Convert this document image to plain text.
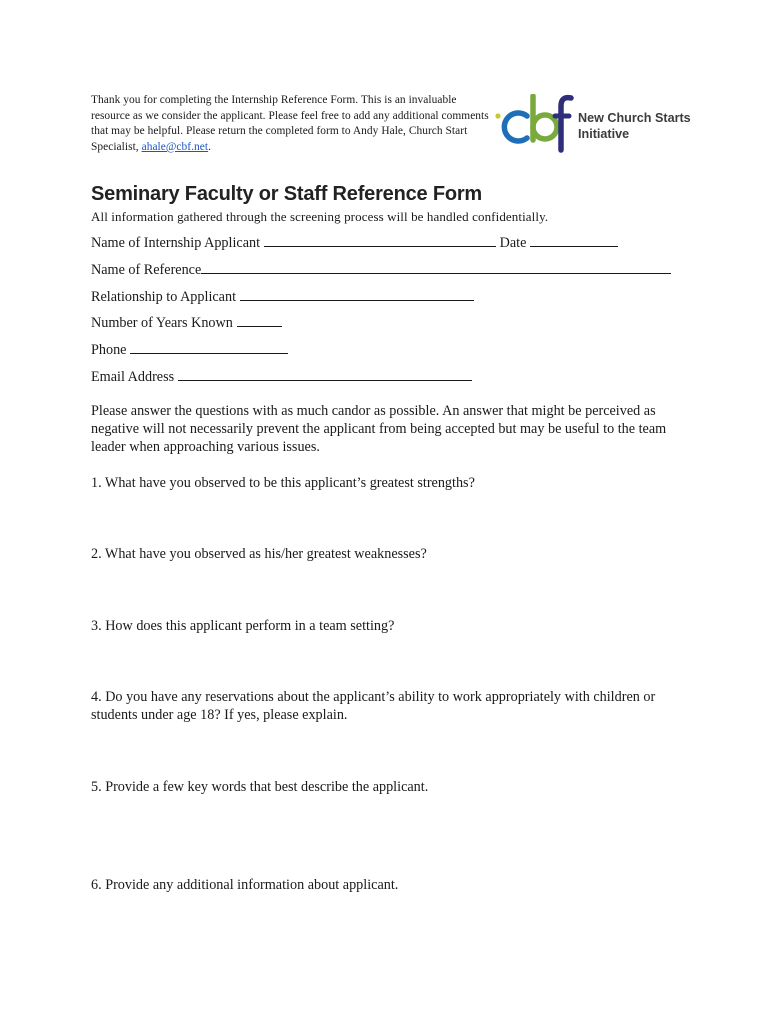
Thank you for completing the Internship Reference Form. This is an invaluable resource as we consider the applicant. Please feel free to add any additional comments that may be helpful. Please return the completed form to Andy Hale, Church Start Specialist, ahale@cbf.net.
New Church Starts
Initiative
Seminary Faculty or Staff Reference Form
All information gathered through the screening process will be handled confidentially.
Name of Internship Applicant	Date
Name of Reference
Relationship to Applicant
Number of Years Known
Phone
Email Address
Please answer the questions with as much candor as possible. An answer that might be perceived as negative will not necessarily prevent the applicant from being accepted but may be useful to the team leader when approaching various issues.
1. What have you observed to be this applicant’s greatest strengths?
2. What have you observed as his/her greatest weaknesses?
3. How does this applicant perform in a team setting?
4. Do you have any reservations about the applicant’s ability to work appropriately with children or students under age 18? If yes, please explain.
5. Provide a few key words that best describe the applicant.
6. Provide any additional information about applicant.
